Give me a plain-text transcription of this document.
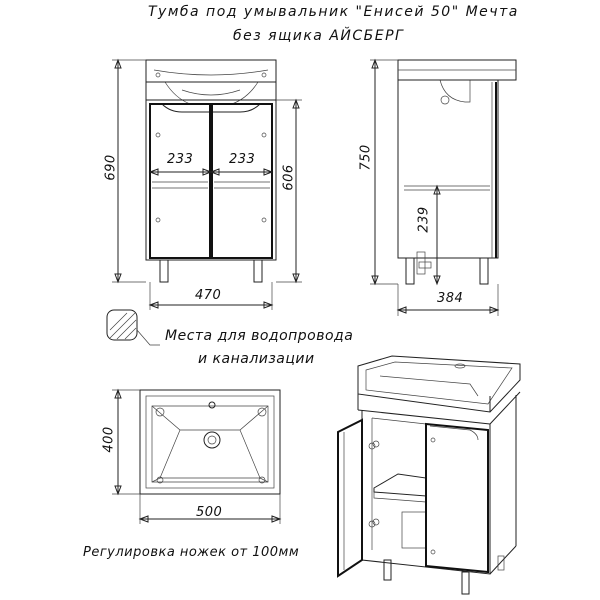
Тумба под умывальник "Енисей 50" Мечта
без ящика АЙСБЕРГ
690	606
233	233
470
750
239
384
Места для водопровода
и канализации
400
500
Регулировка ножек от 100мм
